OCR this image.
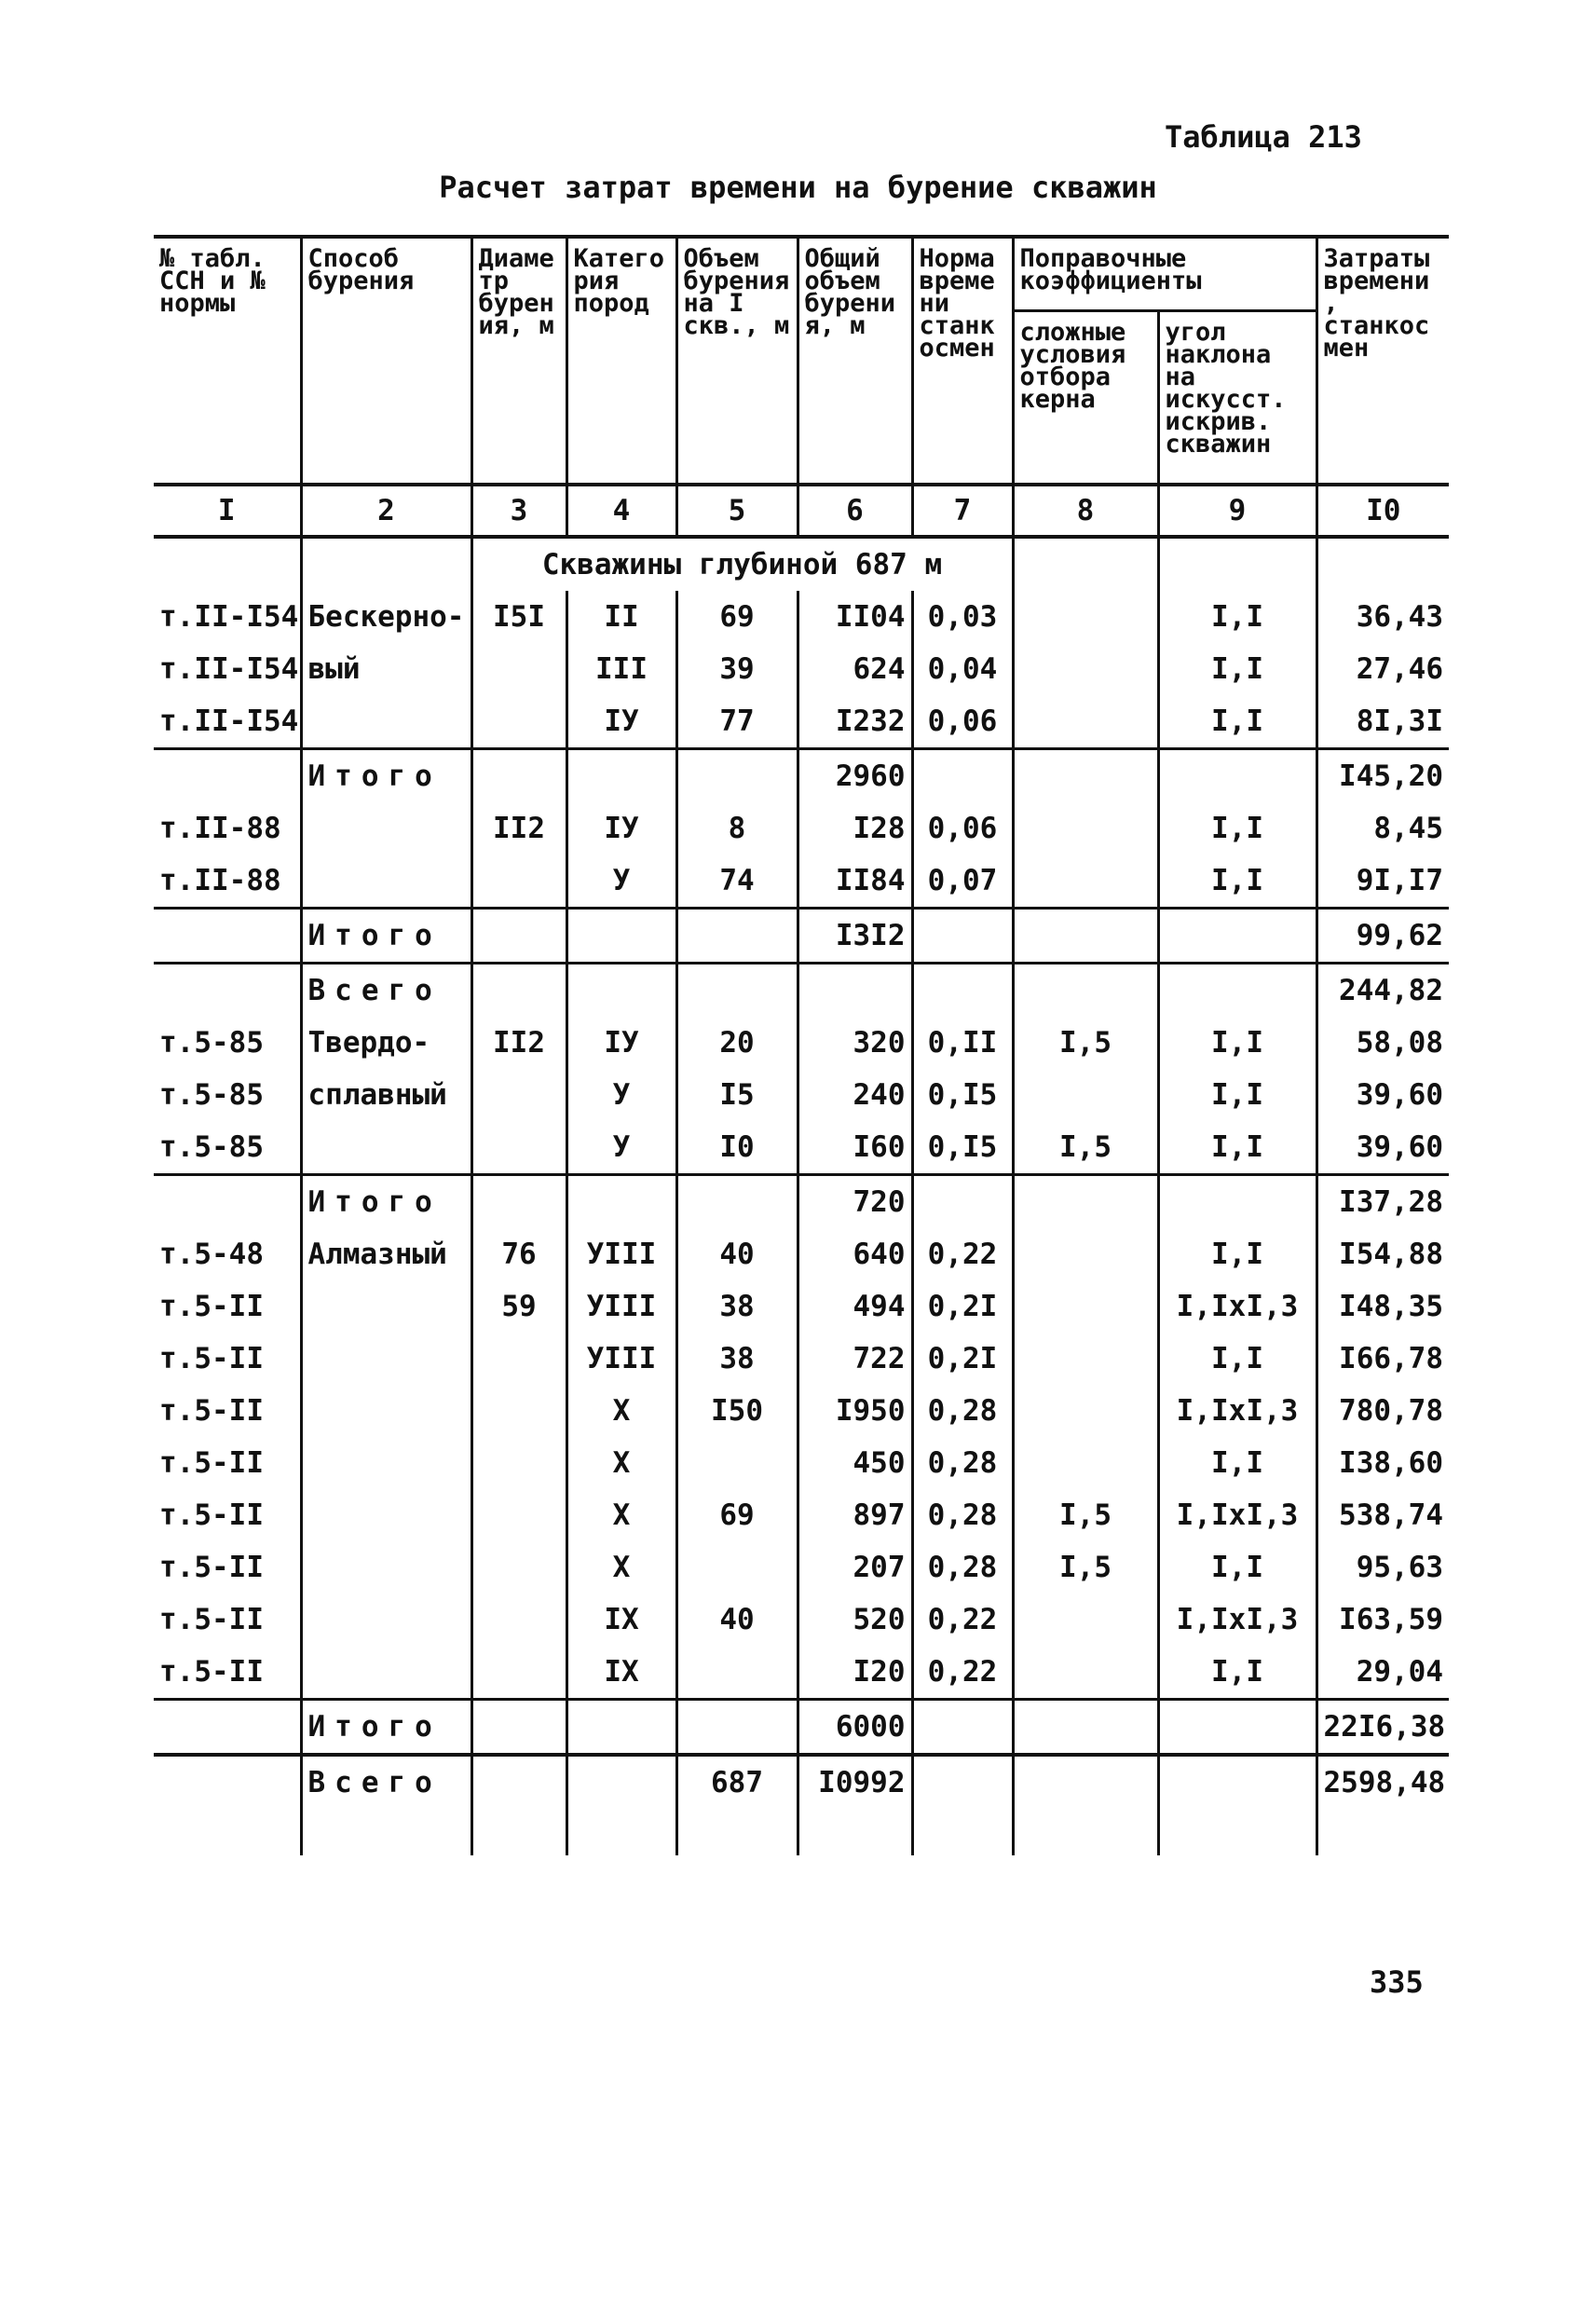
Таблица 213
Расчет затрат времени на бурение скважин
№ табл. ССН и № нормы	Способ бурения	Диаметр бурения, м	Категория пород	Объем бурения на I скв., м	Общий объем бурения, м	Норма времени станкосмен	Поправочные коэффициенты		Затраты времени, станкосмен
							сложные условия отбора керна	угол наклона на искусст. искрив. скважин	
I	2	3	4	5	6	7	8	9	I0
		Скважины глубиной 687 м							
т.II-I54	Бескерно-	I5I	II	69	II04	0,03		I,I	36,43
т.II-I54	вый		III	39	624	0,04		I,I	27,46
т.II-I54			IУ	77	I232	0,06		I,I	8I,3I
	Итого				2960				I45,20
т.II-88		II2	IУ	8	I28	0,06		I,I	8,45
т.II-88			У	74	II84	0,07		I,I	9I,I7
	Итого				I3I2				99,62
	Всего								244,82
т.5-85	Твердо-	II2	IУ	20	320	0,II	I,5	I,I	58,08
т.5-85	сплавный		У	I5	240	0,I5		I,I	39,60
т.5-85			У	I0	I60	0,I5	I,5	I,I	39,60
	Итого				720				I37,28
т.5-48	Алмазный	76	УIII	40	640	0,22		I,I	I54,88
т.5-II		59	УIII	38	494	0,2I		I,IxI,3	I48,35
т.5-II			УIII	38	722	0,2I		I,I	I66,78
т.5-II			X	I50	I950	0,28		I,IxI,3	780,78
т.5-II			X		450	0,28		I,I	I38,60
т.5-II			X	69	897	0,28	I,5	I,IxI,3	538,74
т.5-II			X		207	0,28	I,5	I,I	95,63
т.5-II			IX	40	520	0,22		I,IxI,3	I63,59
т.5-II			IX		I20	0,22		I,I	29,04
	Итого				6000				22I6,38
	Всего			687	I0992				2598,48

335
